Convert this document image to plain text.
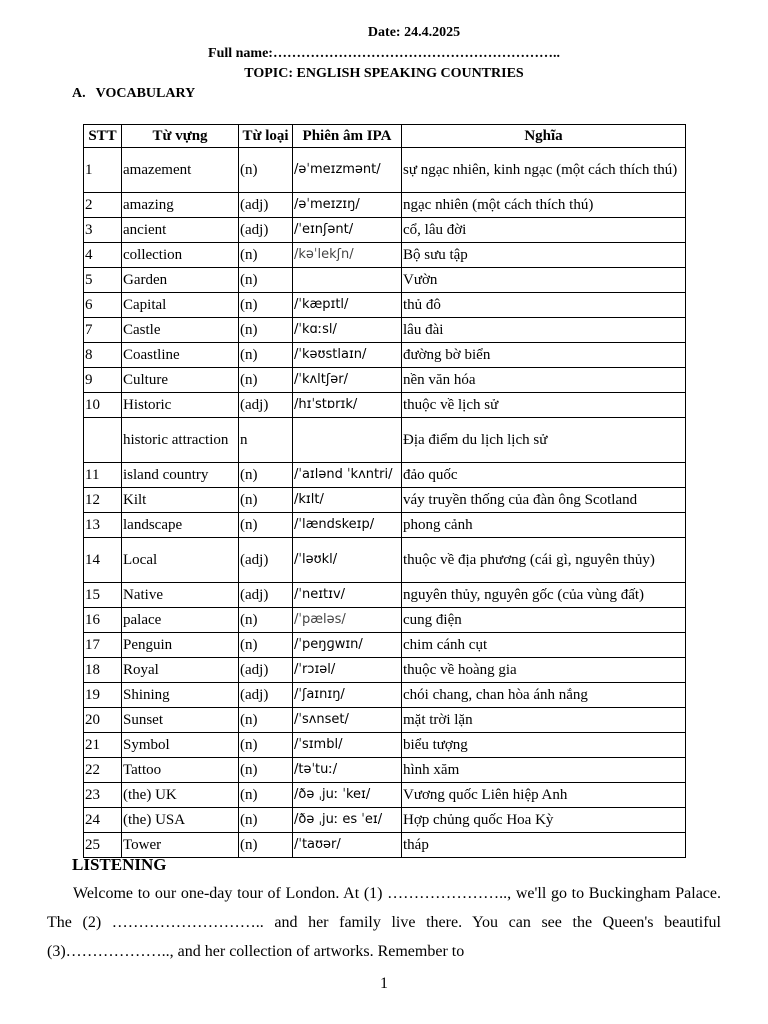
Date: 24.4.2025
Full name:……………………………………………………..
TOPIC: ENGLISH SPEAKING COUNTRIES
A. VOCABULARY
STT	Từ vựng	Từ loại	Phiên âm IPA	Nghĩa
1	amazement	(n)	/əˈmeɪzmənt/	sự ngạc nhiên, kinh ngạc (một cách thích thú)
2	amazing	(adj)	/əˈmeɪzɪŋ/	ngạc nhiên (một cách thích thú)
3	ancient	(adj)	/ˈeɪnʃənt/	cổ, lâu đời
4	collection	(n)	/kəˈlekʃn/	Bộ sưu tập
5	Garden	(n)		Vườn
6	Capital	(n)	/ˈkæpɪtl/	thủ đô
7	Castle	(n)	/ˈkɑːsl/	lâu đài
8	Coastline	(n)	/ˈkəʊstlaɪn/	đường bờ biển
9	Culture	(n)	/ˈkʌltʃər/	nền văn hóa
10	Historic	(adj)	/hɪˈstɒrɪk/	thuộc về lịch sử
	historic attraction	n		Địa điểm du lịch lịch sử
11	island country	(n)	/ˈaɪlənd ˈkʌntri/	đảo quốc
12	Kilt	(n)	/kɪlt/	váy truyền thống của đàn ông Scotland
13	landscape	(n)	/ˈlændskeɪp/	phong cảnh
14	Local	(adj)	/ˈləʊkl/	thuộc về địa phương (cái gì, nguyên thủy)
15	Native	(adj)	/ˈneɪtɪv/	nguyên thủy, nguyên gốc (của vùng đất)
16	palace	(n)	/ˈpæləs/	cung điện
17	Penguin	(n)	/ˈpeŋɡwɪn/	chim cánh cụt
18	Royal	(adj)	/ˈrɔɪəl/	thuộc về hoàng gia
19	Shining	(adj)	/ˈʃaɪnɪŋ/	chói chang, chan hòa ánh nắng
20	Sunset	(n)	/ˈsʌnset/	mặt trời lặn
21	Symbol	(n)	/ˈsɪmbl/	biểu tượng
22	Tattoo	(n)	/təˈtuː/	hình xăm
23	(the) UK	(n)	/ðə ˌjuː ˈkeɪ/	Vương quốc Liên hiệp Anh
24	(the) USA	(n)	/ðə ˌjuː es ˈeɪ/	Hợp chủng quốc Hoa Kỳ
25	Tower	(n)	/ˈtaʊər/	tháp
LISTENING
Welcome to our one-day tour of London. At (1) ………………….., we'll go to Buckingham Palace. The (2) ……………………….. and her family live there. You can see the Queen's beautiful (3)……………….., and her collection of artworks. Remember to
1
